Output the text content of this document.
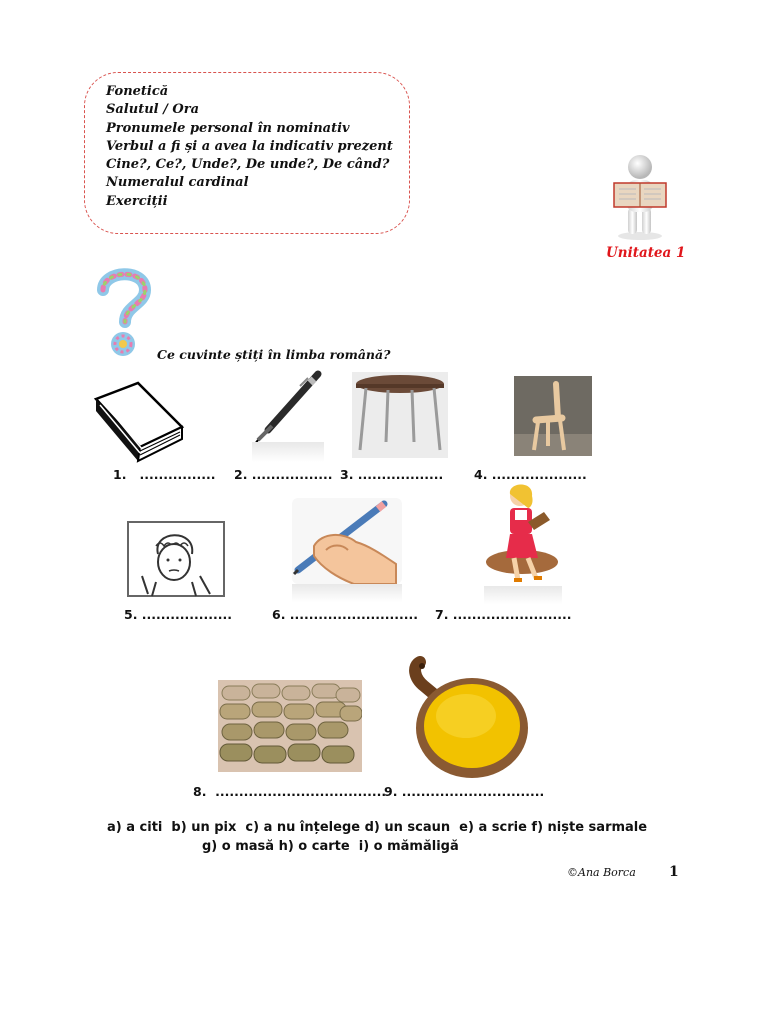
Fonetică
Salutul / Ora
Pronumele personal în nominativ
Verbul a fi și a avea la indicativ prezent
Cine?, Ce?, Unde?, De unde?, De când?
Numeralul cardinal
Exerciții
Unitatea 1
Ce cuvinte știți în limba română?
1.   ................ 2. ................. 3. .................. 4. ....................
5. ...................	6. ........................... 7. .........................
8.  ....................................
9. ..............................
a) a citi  b) un pix  c) a nu înțelege d) un scaun  e) a scrie f) niște sarmale
g) o masă h) o carte  i) o mămăligă
©Ana Borca 1
